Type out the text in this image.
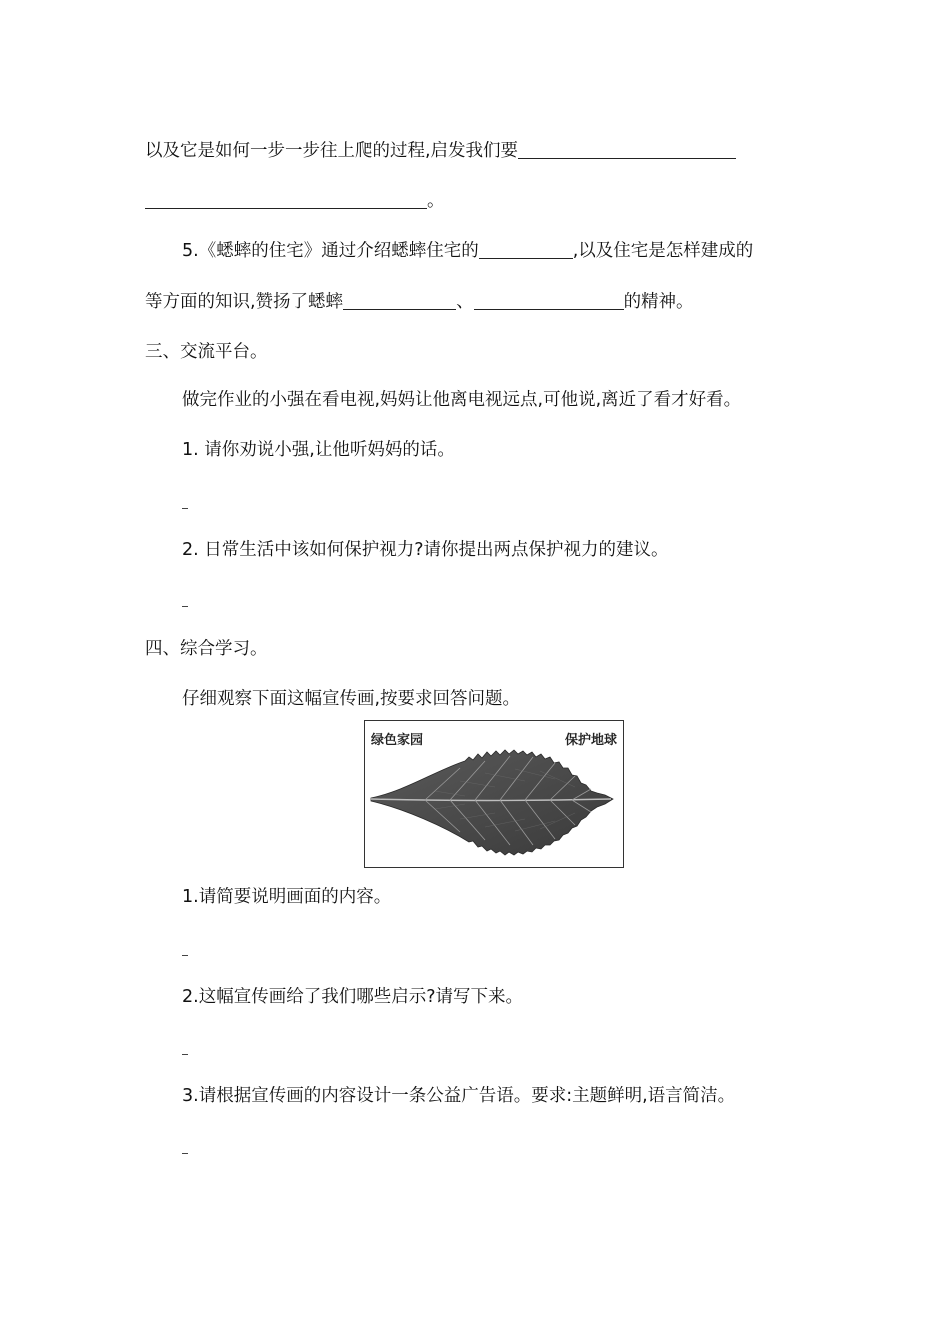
以及它是如何一步一步往上爬的过程,启发我们要
。
5.《蟋蟀的住宅》通过介绍蟋蟀住宅的	,以及住宅是怎样建成的
等方面的知识,赞扬了蟋蟀	、	的精神。
三、交流平台。
做完作业的小强在看电视,妈妈让他离电视远点,可他说,离近了看才好看。
1. 请你劝说小强,让他听妈妈的话。
2. 日常生活中该如何保护视力?请你提出两点保护视力的建议。
四、综合学习。
仔细观察下面这幅宣传画,按要求回答问题。
绿色家园	保护地球
1.请简要说明画面的内容。
2.这幅宣传画给了我们哪些启示?请写下来。
3.请根据宣传画的内容设计一条公益广告语。要求:主题鲜明,语言简洁。
